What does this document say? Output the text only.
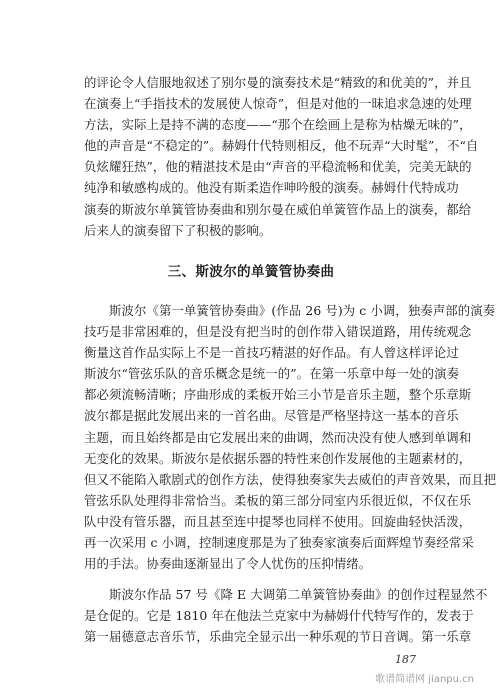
的评论令人信服地叙述了别尔曼的演奏技术是“精致的和优美的”，并且
在演奏上“手指技术的发展使人惊奇”，但是对他的一昧追求急速的处理
方法，实际上是持不满的态度——“那个在绘画上是称为枯燥无味的”，
他的声音是“不稳定的”。赫姆什代特则相反，他不玩弄“大时髦”，不“自
负炫耀狂热”，他的精湛技术是由“声音的平稳流畅和优美，完美无缺的
纯净和敏感构成的。他没有斯柔造作呻吟般的演奏。赫姆什代特成功
演奏的斯波尔单簧管协奏曲和别尔曼在威伯单簧管作品上的演奏，都给
后来人的演奏留下了积极的影响。
三、斯波尔的单簧管协奏曲
斯波尔《第一单簧管协奏曲》(作品 26 号)为 c 小调，独奏声部的演奏
技巧是非常困难的，但是没有把当时的创作带入错误道路，用传统观念
衡量这首作品实际上不是一首技巧精湛的好作品。有人曾这样评论过
斯波尔“管弦乐队的音乐概念是统一的”。在第一乐章中每一处的演奏
都必须流畅清晰；序曲形成的柔板开始三小节是音乐主题，整个乐章斯
波尔都是据此发展出来的一首名曲。尽管是严格坚持这一基本的音乐
主题，而且始终都是由它发展出来的曲调，然而决没有使人感到单调和
无变化的效果。斯波尔是依据乐器的特性来创作发展他的主题素材的，
但又不能陷入歌剧式的创作方法，使得独奏家失去威伯的声音效果，而且把
管弦乐队处理得非常恰当。柔板的第三部分同室内乐很近似，不仅在乐
队中没有管乐器，而且甚至连中提琴也同样不使用。回旋曲轻快活泼，
再一次采用 c 小调，控制速度那是为了独奏家演奏后面辉煌节奏经常采
用的手法。协奏曲逐渐显出了令人忧伤的压抑情绪。
斯波尔作品 57 号《降 E 大调第二单簧管协奏曲》的创作过程显然不
是仓促的。它是 1810 年在他法兰克家中为赫姆什代特写作的，发表于
第一届德意志音乐节，乐曲完全显示出一种乐观的节日音调。第一乐章
187
歌谱简谱网 jianpu.cn
